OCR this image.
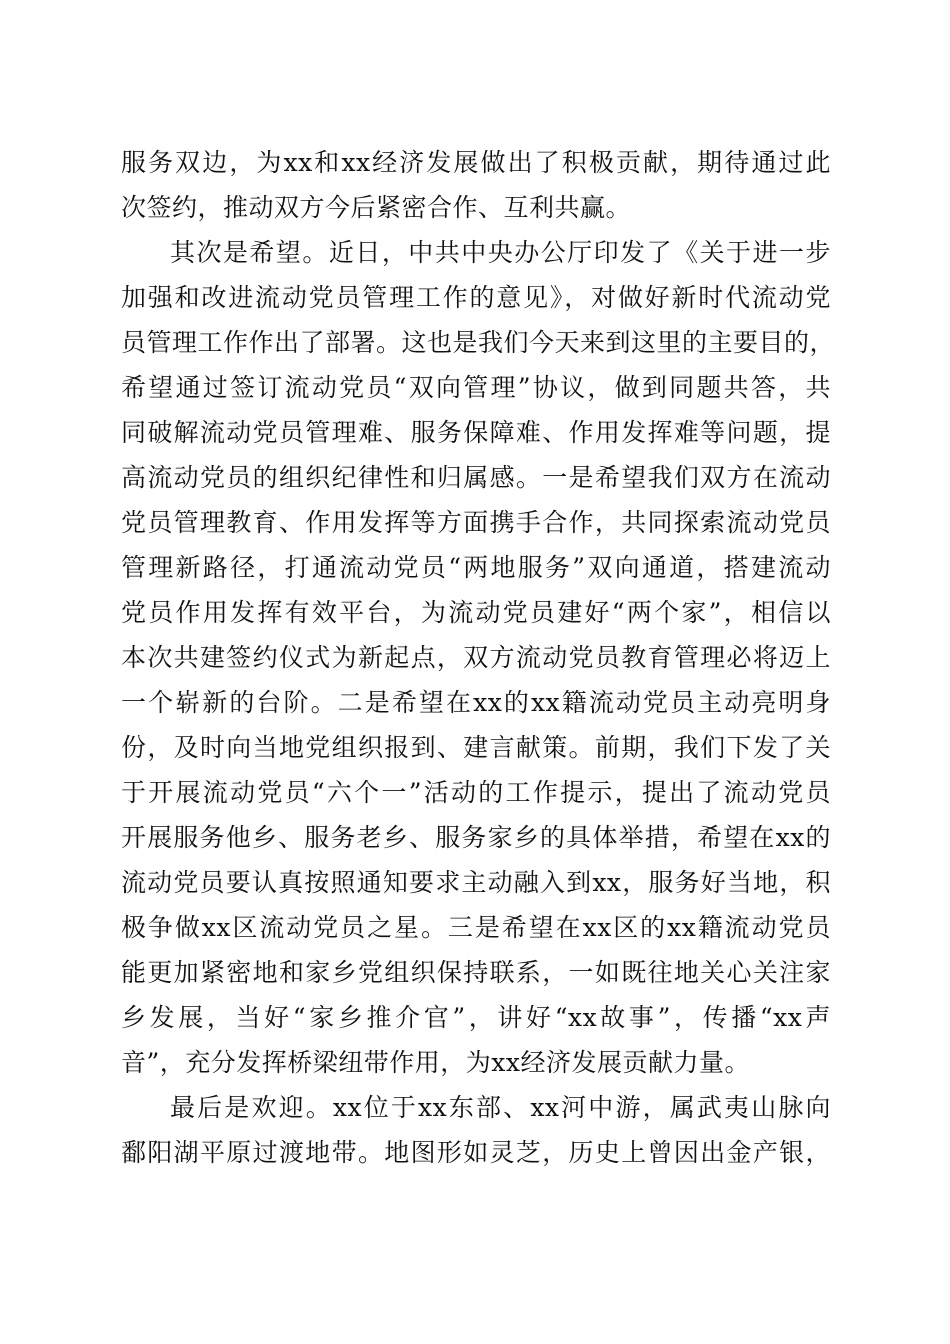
服务双边，为xx和xx经济发展做出了积极贡献，期待通过此

次签约，推动双方今后紧密合作、互利共赢。

其次是希望。近日，中共中央办公厅印发了《关于进一步

加强和改进流动党员管理工作的意见》，对做好新时代流动党

员管理工作作出了部署。这也是我们今天来到这里的主要目的，

希望通过签订流动党员“双向管理”协议，做到同题共答，共

同破解流动党员管理难、服务保障难、作用发挥难等问题，提

高流动党员的组织纪律性和归属感。一是希望我们双方在流动

党员管理教育、作用发挥等方面携手合作，共同探索流动党员

管理新路径，打通流动党员“两地服务”双向通道，搭建流动

党员作用发挥有效平台，为流动党员建好“两个家”，相信以

本次共建签约仪式为新起点，双方流动党员教育管理必将迈上

一个崭新的台阶。二是希望在xx的xx籍流动党员主动亮明身

份，及时向当地党组织报到、建言献策。前期，我们下发了关

于开展流动党员“六个一”活动的工作提示，提出了流动党员

开展服务他乡、服务老乡、服务家乡的具体举措，希望在xx的

流动党员要认真按照通知要求主动融入到xx，服务好当地，积

极争做xx区流动党员之星。三是希望在xx区的xx籍流动党员

能更加紧密地和家乡党组织保持联系，一如既往地关心关注家

乡发展，当好“家乡推介官”，讲好“xx故事”，传播“xx声

音”，充分发挥桥梁纽带作用，为xx经济发展贡献力量。

最后是欢迎。xx位于xx东部、xx河中游，属武夷山脉向

鄱阳湖平原过渡地带。地图形如灵芝，历史上曾因出金产银，
